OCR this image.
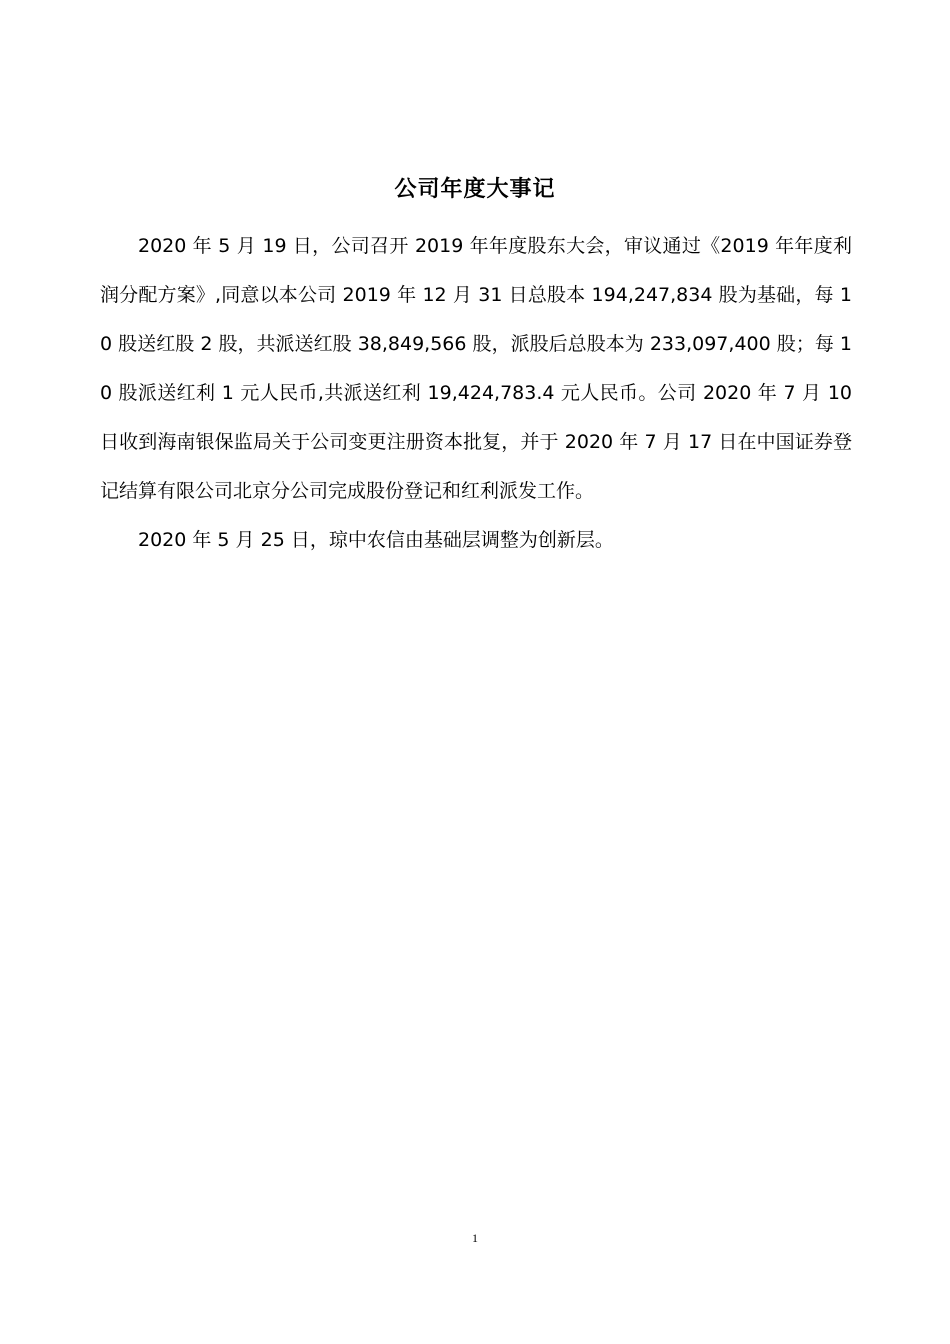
公司年度大事记

2020 年 5 月 19 日，公司召开 2019 年年度股东大会，审议通过《2019 年年度利润分配方案》,同意以本公司 2019 年 12 月 31 日总股本 194,247,834 股为基础，每 10 股送红股 2 股，共派送红股 38,849,566 股，派股后总股本为 233,097,400 股；每 10 股派送红利 1 元人民币,共派送红利 19,424,783.4 元人民币。公司 2020 年 7 月 10 日收到海南银保监局关于公司变更注册资本批复，并于 2020 年 7 月 17 日在中国证券登记结算有限公司北京分公司完成股份登记和红利派发工作。

2020 年 5 月 25 日，琼中农信由基础层调整为创新层。

1
